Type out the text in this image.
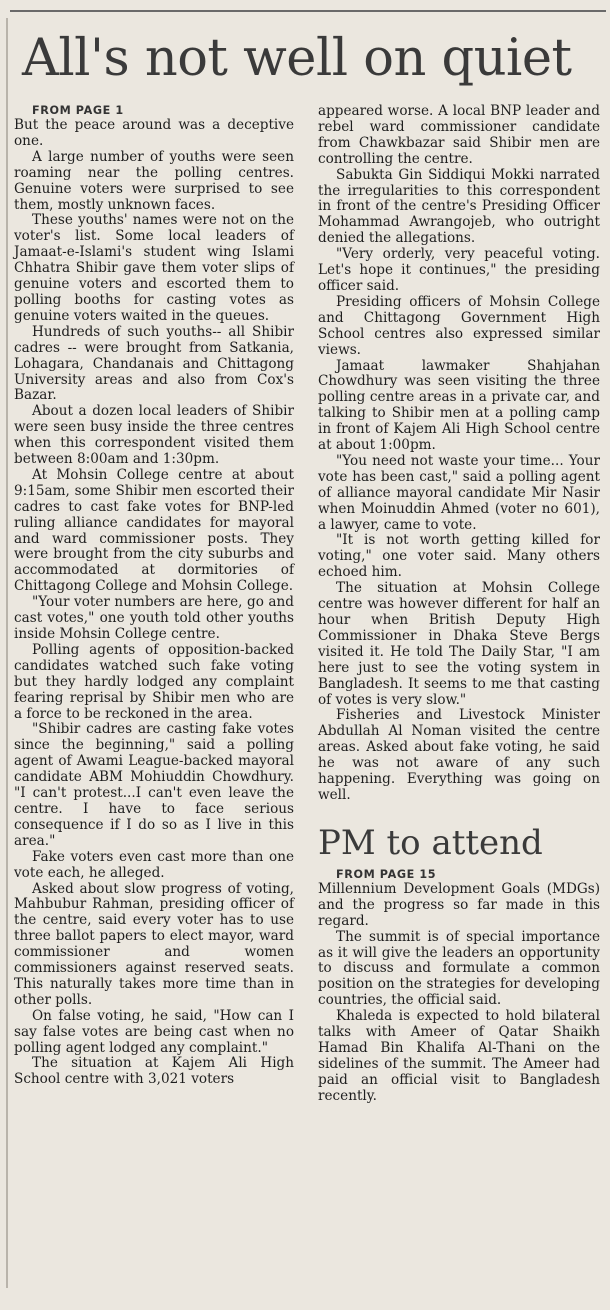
All's not well on quiet

FROM PAGE 1

But the peace around was a deceptive one.

A large number of youths were seen roaming near the polling centres. Genuine voters were surprised to see them, mostly unknown faces.

These youths' names were not on the voter's list. Some local leaders of Jamaat-e-Islami's student wing Islami Chhatra Shibir gave them voter slips of genuine voters and escorted them to polling booths for casting votes as genuine voters waited in the queues.

Hundreds of such youths-- all Shibir cadres -- were brought from Satkania, Lohagara, Chandanais and Chittagong University areas and also from Cox's Bazar.

About a dozen local leaders of Shibir were seen busy inside the three centres when this correspondent visited them between 8:00am and 1:30pm.

At Mohsin College centre at about 9:15am, some Shibir men escorted their cadres to cast fake votes for BNP-led ruling alliance candidates for mayoral and ward commissioner posts. They were brought from the city suburbs and accommodated at dormitories of Chittagong College and Mohsin College.

"Your voter numbers are here, go and cast votes," one youth told other youths inside Mohsin College centre.

Polling agents of opposition-backed candidates watched such fake voting but they hardly lodged any complaint fearing reprisal by Shibir men who are a force to be reckoned in the area.

"Shibir cadres are casting fake votes since the beginning," said a polling agent of Awami League-backed mayoral candidate ABM Mohiuddin Chowdhury. "I can't protest...I can't even leave the centre. I have to face serious consequence if I do so as I live in this area."

Fake voters even cast more than one vote each, he alleged.

Asked about slow progress of voting, Mahbubur Rahman, presiding officer of the centre, said every voter has to use three ballot papers to elect mayor, ward commissioner and women commissioners against reserved seats. This naturally takes more time than in other polls.

On false voting, he said, "How can I say false votes are being cast when no polling agent lodged any complaint."

The situation at Kajem Ali High School centre with 3,021 voters

appeared worse. A local BNP leader and rebel ward commissioner candidate from Chawkbazar said Shibir men are controlling the centre.

Sabukta Gin Siddiqui Mokki narrated the irregularities to this correspondent in front of the centre's Presiding Officer Mohammad Awrangojeb, who outright denied the allegations.

"Very orderly, very peaceful voting. Let's hope it continues," the presiding officer said.

Presiding officers of Mohsin College and Chittagong Government High School centres also expressed similar views.

Jamaat lawmaker Shahjahan Chowdhury was seen visiting the three polling centre areas in a private car, and talking to Shibir men at a polling camp in front of Kajem Ali High School centre at about 1:00pm.

"You need not waste your time... Your vote has been cast," said a polling agent of alliance mayoral candidate Mir Nasir when Moinuddin Ahmed (voter no 601), a lawyer, came to vote.

"It is not worth getting killed for voting," one voter said. Many others echoed him.

The situation at Mohsin College centre was however different for half an hour when British Deputy High Commissioner in Dhaka Steve Bergs visited it. He told The Daily Star, "I am here just to see the voting system in Bangladesh. It seems to me that casting of votes is very slow."

Fisheries and Livestock Minister Abdullah Al Noman visited the centre areas. Asked about fake voting, he said he was not aware of any such happening. Everything was going on well.

PM to attend

FROM PAGE 15

Millennium Development Goals (MDGs) and the progress so far made in this regard.

The summit is of special importance as it will give the leaders an opportunity to discuss and formulate a common position on the strategies for developing countries, the official said.

Khaleda is expected to hold bilateral talks with Ameer of Qatar Shaikh Hamad Bin Khalifa Al-Thani on the sidelines of the summit. The Ameer had paid an official visit to Bangladesh recently.
